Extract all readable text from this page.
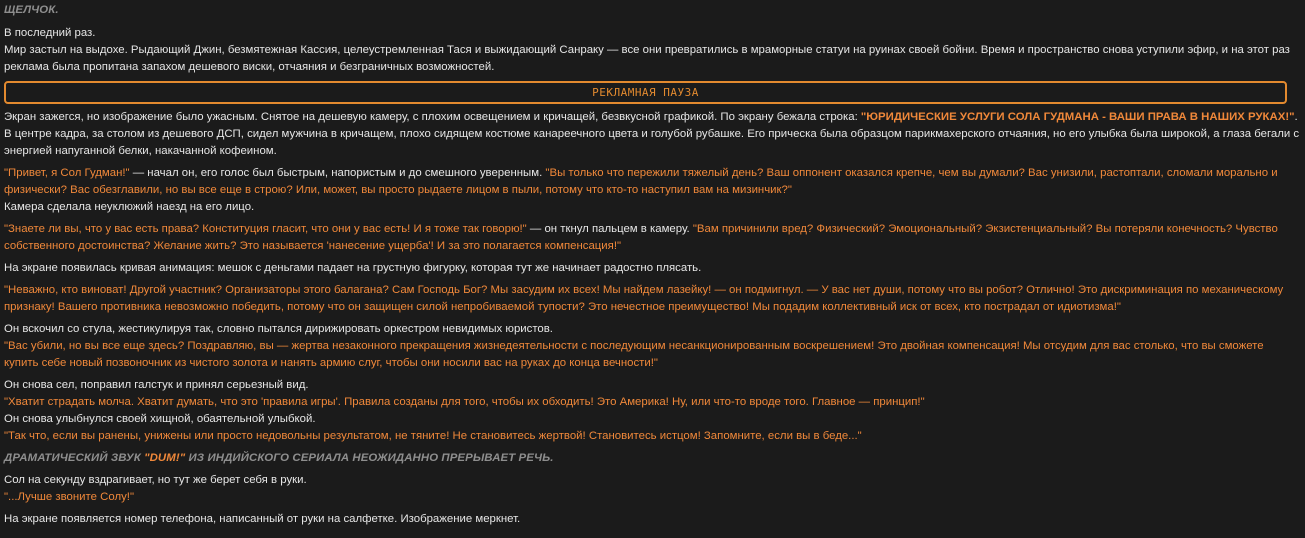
ЩЕЛЧОК.

В последний раз.

Мир застыл на выдохе. Рыдающий Джин, безмятежная Кассия, целеустремленная Тася и выжидающий Санраку — все они превратились в мраморные статуи на руинах своей бойни. Время и пространство снова уступили эфир, и на этот раз реклама была пропитана запахом дешевого виски, отчаяния и безграничных возможностей.

РЕКЛАМНАЯ ПАУЗА

Экран зажегся, но изображение было ужасным. Снятое на дешевую камеру, с плохим освещением и кричащей, безвкусной графикой. По экрану бежала строка: "ЮРИДИЧЕСКИЕ УСЛУГИ СОЛА ГУДМАНА - ВАШИ ПРАВА В НАШИХ РУКАХ!".

В центре кадра, за столом из дешевого ДСП, сидел мужчина в кричащем, плохо сидящем костюме канареечного цвета и голубой рубашке. Его прическа была образцом парикмахерского отчаяния, но его улыбка была широкой, а глаза бегали с энергией напуганной белки, накачанной кофеином.

"Привет, я Сол Гудман!" — начал он, его голос был быстрым, напористым и до смешного уверенным. "Вы только что пережили тяжелый день? Ваш оппонент оказался крепче, чем вы думали? Вас унизили, растоптали, сломали морально и физически? Вас обезглавили, но вы все еще в строю? Или, может, вы просто рыдаете лицом в пыли, потому что кто-то наступил вам на мизинчик?"

Камера сделала неуклюжий наезд на его лицо.

"Знаете ли вы, что у вас есть права? Конституция гласит, что они у вас есть! И я тоже так говорю!" — он ткнул пальцем в камеру. "Вам причинили вред? Физический? Эмоциональный? Экзистенциальный? Вы потеряли конечность? Чувство собственного достоинства? Желание жить? Это называется 'нанесение ущерба'! И за это полагается компенсация!"

На экране появилась кривая анимация: мешок с деньгами падает на грустную фигурку, которая тут же начинает радостно плясать.

"Неважно, кто виноват! Другой участник? Организаторы этого балагана? Сам Господь Бог? Мы засудим их всех! Мы найдем лазейку! — он подмигнул. — У вас нет души, потому что вы робот? Отлично! Это дискриминация по механическому признаку! Вашего противника невозможно победить, потому что он защищен силой непробиваемой тупости? Это нечестное преимущество! Мы подадим коллективный иск от всех, кто пострадал от идиотизма!"

Он вскочил со стула, жестикулируя так, словно пытался дирижировать оркестром невидимых юристов.

"Вас убили, но вы все еще здесь? Поздравляю, вы — жертва незаконного прекращения жизнедеятельности с последующим несанкционированным воскрешением! Это двойная компенсация! Мы отсудим для вас столько, что вы сможете купить себе новый позвоночник из чистого золота и нанять армию слуг, чтобы они носили вас на руках до конца вечности!"

Он снова сел, поправил галстук и принял серьезный вид.

"Хватит страдать молча. Хватит думать, что это 'правила игры'. Правила созданы для того, чтобы их обходить! Это Америка! Ну, или что-то вроде того. Главное — принцип!"

Он снова улыбнулся своей хищной, обаятельной улыбкой.

"Так что, если вы ранены, унижены или просто недовольны результатом, не тяните! Не становитесь жертвой! Становитесь истцом! Запомните, если вы в беде..."

ДРАМАТИЧЕСКИЙ ЗВУК "DUM!" ИЗ ИНДИЙСКОГО СЕРИАЛА НЕОЖИДАННО ПРЕРЫВАЕТ РЕЧЬ.

Сол на секунду вздрагивает, но тут же берет себя в руки.

"...Лучше звоните Солу!"

На экране появляется номер телефона, написанный от руки на салфетке. Изображение меркнет.
